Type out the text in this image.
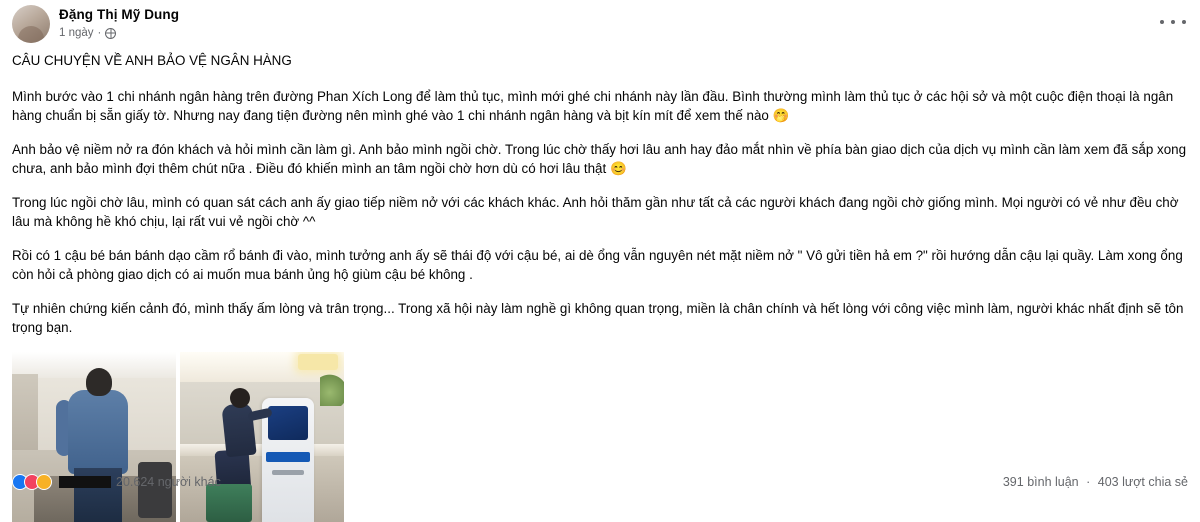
Đặng Thị Mỹ Dung
1 ngày ·

CÂU CHUYỆN VỀ ANH BẢO VỆ NGÂN HÀNG

Mình bước vào 1 chi nhánh ngân hàng trên đường Phan Xích Long để làm thủ tục, mình mới ghé chi nhánh này lần đầu. Bình thường mình làm thủ tục ở các hội sở và một cuộc điện thoại là ngân hàng chuẩn bị sẵn giấy tờ. Nhưng nay đang tiện đường nên mình ghé vào 1 chi nhánh ngân hàng và bịt kín mít để xem thế nào 🤭

Anh bảo vệ niềm nở ra đón khách và hỏi mình cần làm gì. Anh bảo mình ngồi chờ. Trong lúc chờ thấy hơi lâu anh hay đảo mắt nhìn về phía bàn giao dịch của dịch vụ mình cần làm xem đã sắp xong chưa, anh bảo mình đợi thêm chút nữa . Điều đó khiến mình an tâm ngồi chờ hơn dù có hơi lâu thật 😊

Trong lúc ngồi chờ lâu, mình có quan sát cách anh ấy giao tiếp niềm nở với các khách khác. Anh hỏi thăm gần như tất cả các người khách đang ngồi chờ giống mình. Mọi người có vẻ như đều chờ lâu mà không hề khó chịu, lại rất vui vẻ ngồi chờ ^^

Rồi có 1 cậu bé bán bánh dạo cầm rổ bánh đi vào, mình tưởng anh ấy sẽ thái độ với cậu bé, ai dè ổng vẫn nguyên nét mặt niềm nở " Vô gửi tiền hả em ?" rồi hướng dẫn cậu lại quầy. Làm xong ổng còn hỏi cả phòng giao dịch có ai muốn mua bánh ủng hộ giùm cậu bé không .

Tự nhiên chứng kiến cảnh đó, mình thấy ấm lòng và trân trọng... Trong xã hội này làm nghề gì không quan trọng, miền là chân chính và hết lòng với công việc mình làm, người khác nhất định sẽ tôn trọng bạn.

20.624 người khác	391 bình luận · 403 lượt chia sẻ
